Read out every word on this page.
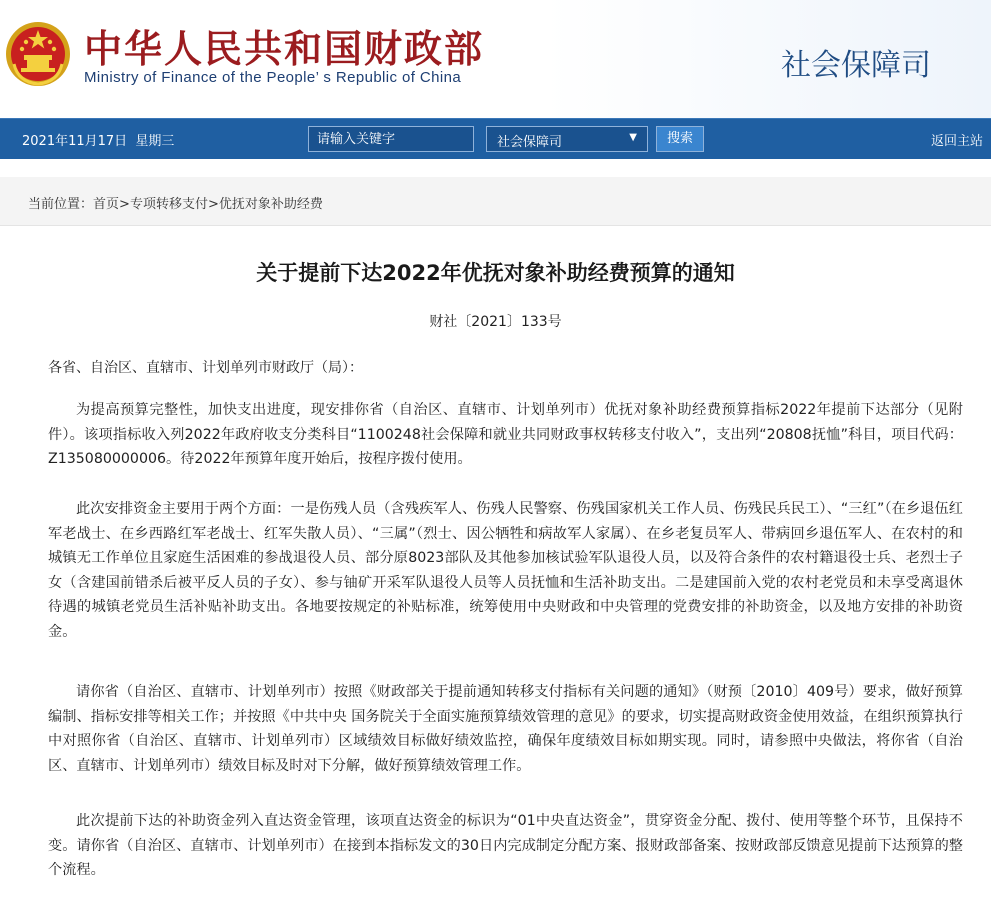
中华人民共和国财政部
Ministry of Finance of the People’ s Republic of China	社会保障司
2021年11月17日  星期三
请输入关键字	社会保障司	▼	搜索	返回主站
当前位置：首页>专项转移支付>优抚对象补助经费
关于提前下达2022年优抚对象补助经费预算的通知
财社〔2021〕133号
各省、自治区、直辖市、计划单列市财政厅（局）：

为提高预算完整性，加快支出进度，现安排你省（自治区、直辖市、计划单列市）优抚对象补助经费预算指标2022年提前下达部分（见附件）。该项指标收入列2022年政府收支分类科目“1100248社会保障和就业共同财政事权转移支付收入”，支出列“20808抚恤”科目，项目代码：Z135080000006。待2022年预算年度开始后，按程序拨付使用。

此次安排资金主要用于两个方面：一是伤残人员（含残疾军人、伤残人民警察、伤残国家机关工作人员、伤残民兵民工）、“三红”（在乡退伍红军老战士、在乡西路红军老战士、红军失散人员）、“三属”（烈士、因公牺牲和病故军人家属）、在乡老复员军人、带病回乡退伍军人、在农村的和城镇无工作单位且家庭生活困难的参战退役人员、部分原8023部队及其他参加核试验军队退役人员，以及符合条件的农村籍退役士兵、老烈士子女（含建国前错杀后被平反人员的子女）、参与铀矿开采军队退役人员等人员抚恤和生活补助支出。二是建国前入党的农村老党员和未享受离退休待遇的城镇老党员生活补贴补助支出。各地要按规定的补贴标准，统筹使用中央财政和中央管理的党费安排的补助资金，以及地方安排的补助资金。

请你省（自治区、直辖市、计划单列市）按照《财政部关于提前通知转移支付指标有关问题的通知》（财预〔2010〕409号）要求，做好预算编制、指标安排等相关工作；并按照《中共中央 国务院关于全面实施预算绩效管理的意见》的要求，切实提高财政资金使用效益，在组织预算执行中对照你省（自治区、直辖市、计划单列市）区域绩效目标做好绩效监控，确保年度绩效目标如期实现。同时，请参照中央做法，将你省（自治区、直辖市、计划单列市）绩效目标及时对下分解，做好预算绩效管理工作。

此次提前下达的补助资金列入直达资金管理，该项直达资金的标识为“01中央直达资金”，贯穿资金分配、拨付、使用等整个环节，且保持不变。请你省（自治区、直辖市、计划单列市）在接到本指标发文的30日内完成制定分配方案、报财政部备案、按财政部反馈意见提前下达预算的整个流程。
